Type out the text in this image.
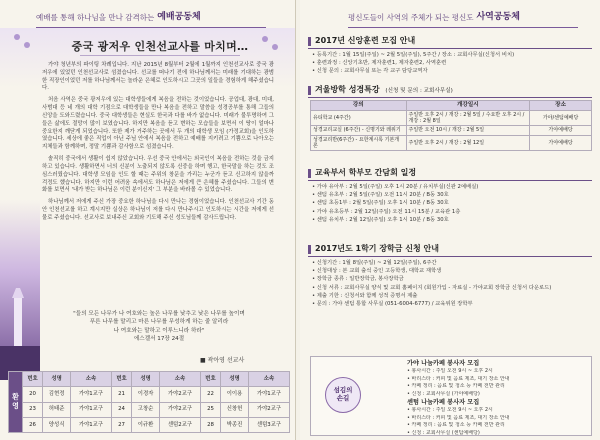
예배를 통해 하나님을 만나 감격하는 예배공동체
중국 광저우 인천선교사를 마치며…

가야 청년부의 파이팅 차례입니다. 지난 2015년 8월부터 2월에 1월까지 인천선교사로 중국 광저우에 있었던 인천선교사로 섬겼습니다. 선교를 떠나기 전에 하나님께서는 미래를 기대하는 광범한 직장인이었던 저를 하나님께서는 놀라운 은혜로 인도하시고 그곳의 일들을 경험하게 해주셨습니다.

처음 사역은 중국 광저우에 있는 대학생들에게 복음을 전하는 것이었습니다. 공업대, 광대, 미대, 사범대 등 네 개의 대학 기점으로 대학생들을 만나 복음을 전하고 말씀을 성경공부를 통해 그들의 신앙을 도와드렸습니다. 중국 대학생들은 현실도 한국과 다를 바가 없습니다. 미래가 불투명하여 그들은 삶에도 절망이 많이 보였습니다. 하지만 복음을 듣고 변하는 모습들을 보면서 이 땅이 얼마나 중요한지 깨닫게 되었습니다. 또한 제가 거주하는 곳에서 두 개의 대학생 모임 (가정교회)을 인도하였습니다. 세상에 좋은 직업이 아닌 주님 안에서 복음을 전하고 예배를 지키려고 기쁨으로 나아오는 지체들과 함께하며, 정말 기쁨과 감사함으로 섬겼습니다.

솔직히 중국에서 생활이 쉽지 않았습니다. 우선 중국 안에서는 외국인이 복음을 전하는 것을 금지하고 있습니다. 생활하면서 너의 신분이 노출되지 않도록 신중을 하며 행고, 한국말을 하는 것도 조심스러웠습니다. 대학생 모임을 인도 할 때는 주위의 창문을 가리는 누군가 듣고 신고하지 않을까 걱정도 했습니다. 하지만 이런 어려움 속에서도 하나님은 저에게 큰 은혜를 주셨습니다. 그들의 변화를 보면서 '내가 받는 하나님은 이런 분이신지' 그 부분을 바라볼 수 있었습니다.

하나님께서 저에게 주신 가장 중요한 하나님을 다시 만나는 경험이었습니다. 인천선교사 기간 동안 인천선교를 하고 계시지만 실상은 하나님이 저를 다시 만나주시고 인도하시는 시간을 저에게 선물로 주셨습니다. 선교사로 보내주신 교회와 기도해 주신 성도님들께 감사드립니다.

"들의 모든 나무가 나 여호와는 높은 나무를 낮추고 낮은 나무를 높이며
푸른 나무를 말리고 마른 나무를 무성하게 하는 줄 알리라
나 여호와는 말하고 이루느니라 하라"
에스겔서 17장 24절
■ 곽아영 선교사
환영	번호	성명	소속	번호	성명	소속	번호	성명	소속
	20	김현정	가야1교구	21	이경자	가야2교구	22	이이용	가야1교구
	23	허태준	가야1교구	24	고창순	가야2교구	25	신창헌	가야2교구
	26	양성식	가야1교구	27	이규환	센텀2교구	28	박종진	센텀3교구
평신도들이 사역의 주체가 되는 평신도 사역공동체
2017년 신앙훈련 모집 안내
• 등록기간 : 1월 15일(주일) ~ 2월 5일(주일), 5주간 / 장소 : 교회사무실(신청서 비치)
• 훈련과정 : 신앙기초반, 제자훈련1, 제자훈련2, 사역훈련
• 신청 문의 : 교회사무실 또는 각 교구 담당교역자
겨울방학 성경특강 (신청 및 문의 : 교회사무실)
강의	개강일시	장소
유티학교 (4주간)	주일반 오후 2시 / 개강 : 2월 5일 / 수요반 오후 2시 / 개강 : 2월 8일	가야/센텀예배당
성경교리교실 (6주간) - 신명기와 레위기	주일반 오전 10시 / 개강 : 2월 5일	가야예배당
성경교리반(6주간) - 요한계시록 기본개론	주일반 오후 2시 / 개강 : 2월 12일	가야예배당
교육부서 학부모 간담회 일정
• 가야 유아부 : 2월 5일(주일) 오후 1시 20분 / 유치부실(신관 2예배실)
• 센텀 유초부 : 2월 5일(주일) 오전 11시 20분 / B동 30호
• 센텀 초등1부 : 2월 5일(주일) 오후 1시 10분 / B동 30호
• 가야 유초등부 : 2월 12일(주일) 오전 11시 15분 / 교육관 1층
• 센텀 유치부 : 2월 12일(주일) 오후 1시 10분 / B동 30호
2017년도 1학기 장학금 신청 안내
• 신청기간 : 1월 8일(주일) ~ 2월 12일(주일), 6주간
• 신청대상 : 본 교회 출석 중인 고등학생, 대학교 재학생
• 장학금 종류 : 일반장학금, 봉사장학금
• 신청 서류 : 교회사무실 양식 및 교회 홈페이지 (회원가입 - 자료실 - 가야교회 장학금 신청서 다운로드)
• 제출 기한 : 신청서와 함께 성적 증명서 제출
• 문의 : 가야 센텀 통합 사무실 (051-6004-6777) / 교육위원 장학부
섬김의
손길
가야 나눔카페 봉사자 모집
• 봉사시간 : 주일 오전 9시 ~ 오후 2시
• 바리스타 : 커피 및 음료 제조, 대기 장소 안내
• 카페 정리 : 음료 및 청소 등 카페 전반 관리
• 신청 : 교회사무실 (가야예배당)
센텀 나눔카페 봉사자 모집
• 봉사시간 : 주일 오전 9시 ~ 오후 2시
• 바리스타 : 커피 및 음료 제조, 대기 장소 안내
• 카페 정리 : 음료 및 청소 등 카페 전반 관리
• 신청 : 교회사무실 (센텀예배당)
